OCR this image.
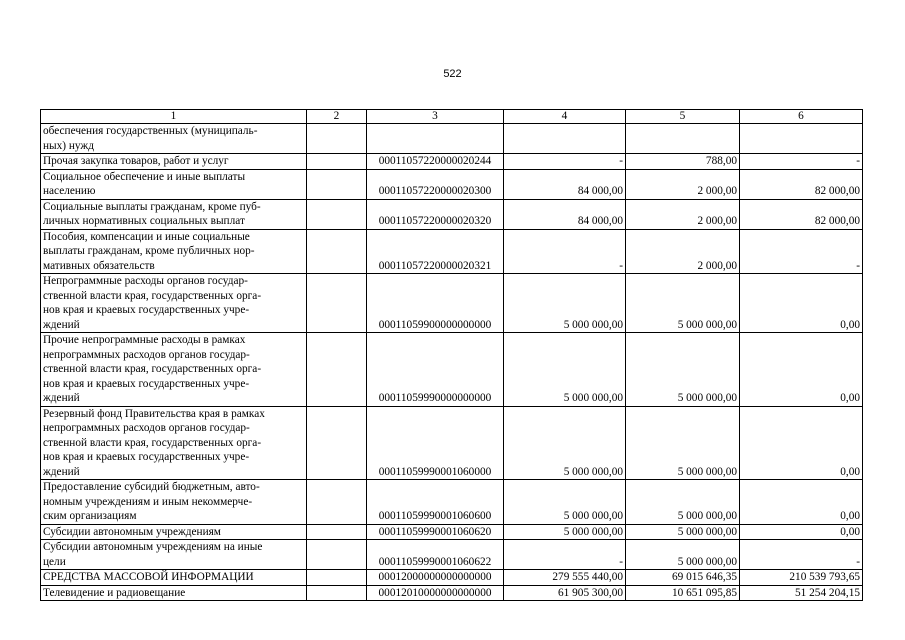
522
1	2	3	4	5	6

обеспечения государственных (муниципаль-
ных) нужд					

Прочая закупка товаров, работ и услуг		00011057220000020244	-	788,00	-

Социальное обеспечение и иные выплаты
населению		00011057220000020300	84 000,00	2 000,00	82 000,00

Социальные выплаты гражданам, кроме пуб-
личных нормативных социальных выплат		00011057220000020320	84 000,00	2 000,00	82 000,00

Пособия, компенсации и иные социальные
выплаты гражданам, кроме публичных нор-
мативных обязательств		00011057220000020321	-	2 000,00	-

Непрограммные расходы органов государ-
ственной власти края, государственных орга-
нов края и краевых государственных учре-
ждений		00011059900000000000	5 000 000,00	5 000 000,00	0,00

Прочие непрограммные расходы в рамках
непрограммных расходов органов государ-
ственной власти края, государственных орга-
нов края и краевых государственных учре-
ждений		00011059990000000000	5 000 000,00	5 000 000,00	0,00

Резервный фонд Правительства края в рамках
непрограммных расходов органов государ-
ственной власти края, государственных орга-
нов края и краевых государственных учре-
ждений		00011059990001060000	5 000 000,00	5 000 000,00	0,00

Предоставление субсидий бюджетным, авто-
номным учреждениям и иным некоммерче-
ским организациям		00011059990001060600	5 000 000,00	5 000 000,00	0,00

Субсидии автономным учреждениям		00011059990001060620	5 000 000,00	5 000 000,00	0,00

Субсидии автономным учреждениям на иные
цели		00011059990001060622	-	5 000 000,00	-

СРЕДСТВА МАССОВОЙ ИНФОРМАЦИИ		00012000000000000000	279 555 440,00	69 015 646,35	210 539 793,65

Телевидение и радиовещание		00012010000000000000	61 905 300,00	10 651 095,85	51 254 204,15
